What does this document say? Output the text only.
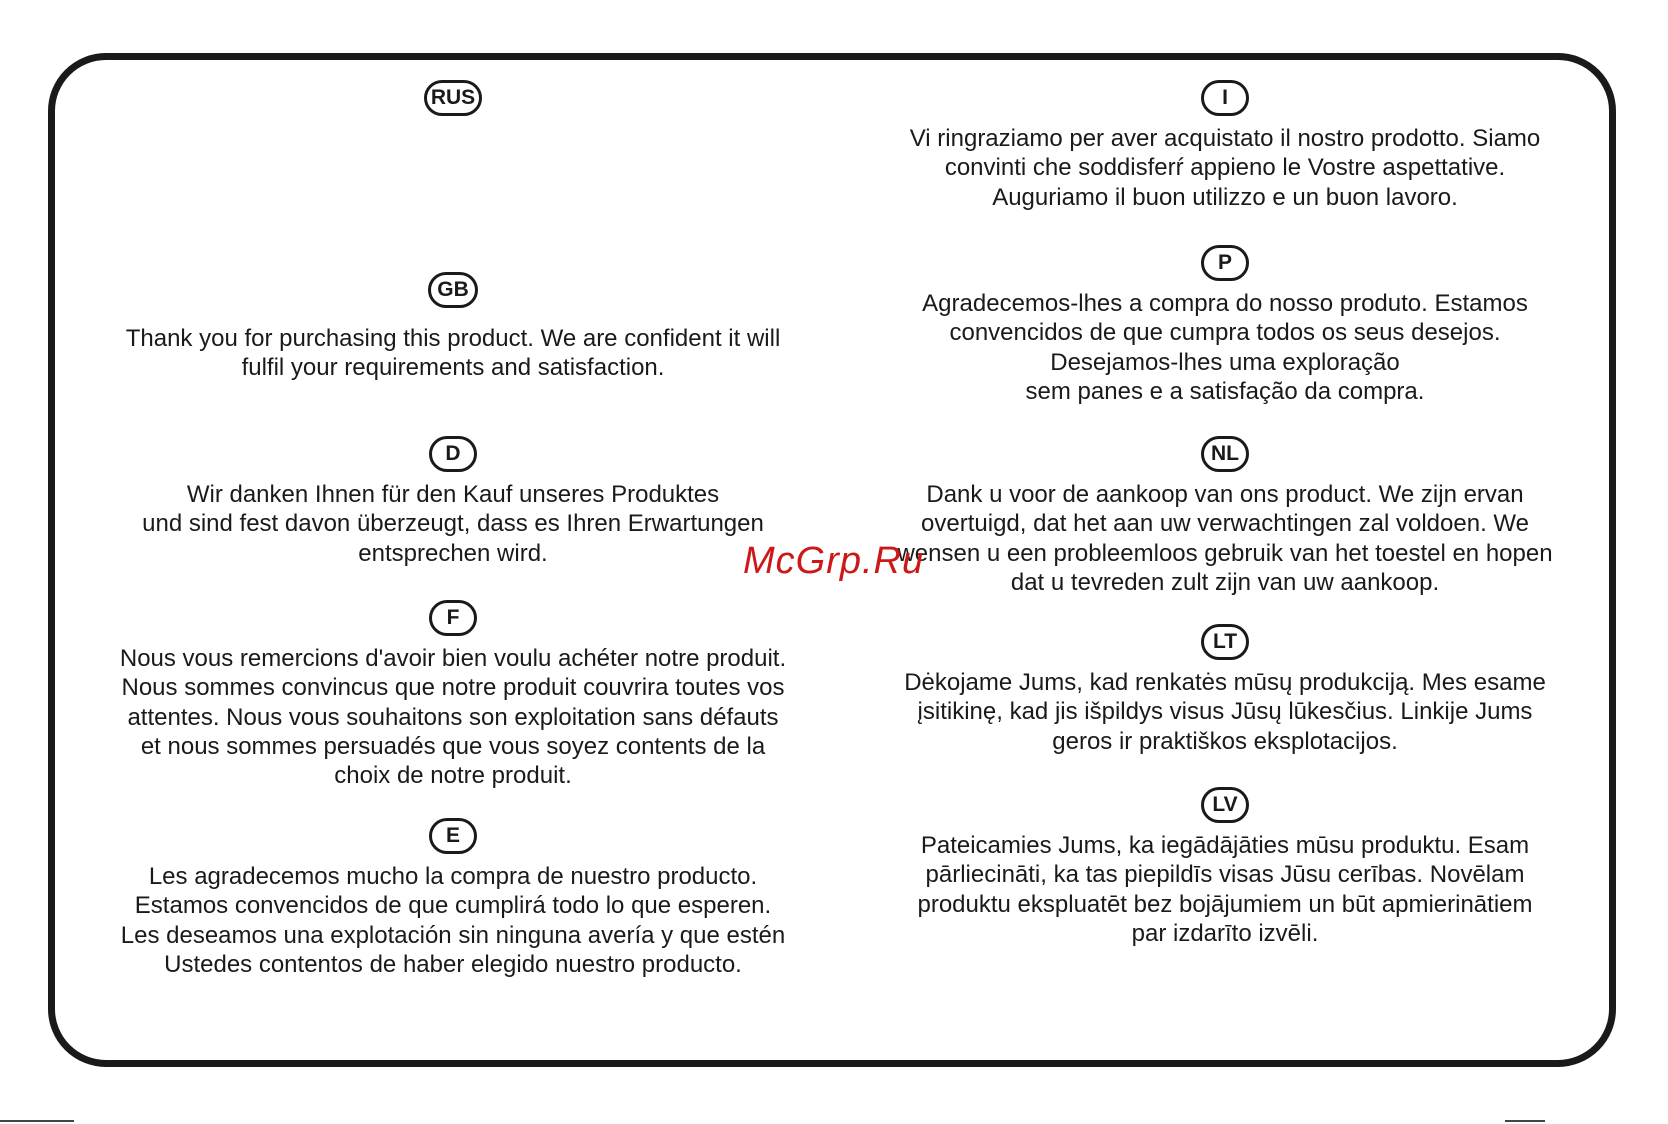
RUS
GB
Thank you for purchasing this product. We are confident it will
fulfil your requirements and satisfaction.
D
Wir danken Ihnen für den Kauf unseres Produktes
und sind fest davon überzeugt, dass es Ihren Erwartungen
entsprechen wird.
F
Nous vous remercions d'avoir bien voulu achéter notre produit.
Nous sommes convincus que notre produit couvrira toutes vos
attentes. Nous vous souhaitons son exploitation sans défauts
et nous sommes persuadés que vous soyez contents de la
choix de notre produit.
E
Les agradecemos mucho la compra de nuestro producto.
Estamos convencidos de que cumplirá todo lo que esperen.
Les deseamos una explotación sin ninguna avería y que estén
Ustedes contentos de haber elegido nuestro producto.
I
Vi ringraziamo per aver acquistato il nostro prodotto. Siamo
convinti che soddisferŕ appieno le Vostre aspettative.
Auguriamo il buon utilizzo e un buon lavoro.
P
Agradecemos-lhes a compra do nosso produto. Estamos
convencidos de que cumpra todos os seus desejos.
Desejamos-lhes uma exploração
sem panes e a satisfação da compra.
NL
Dank u voor de aankoop van ons product. We zijn ervan
overtuigd, dat het aan uw verwachtingen zal voldoen. We
wensen u een probleemloos gebruik van het toestel en hopen
dat u tevreden zult zijn van uw aankoop.
LT
Dėkojame Jums, kad renkatės mūsų produkciją. Mes esame
įsitikinę, kad jis išpildys visus Jūsų lūkesčius. Linkije Jums
geros ir praktiškos eksplotacijos.
LV
Pateicamies Jums, ka iegādājāties mūsu produktu. Esam
pārliecināti, ka tas piepildīs visas Jūsu cerības. Novēlam
produktu ekspluatēt bez bojājumiem un būt apmierinātiem
par izdarīto izvēli.
McGrp.Ru
